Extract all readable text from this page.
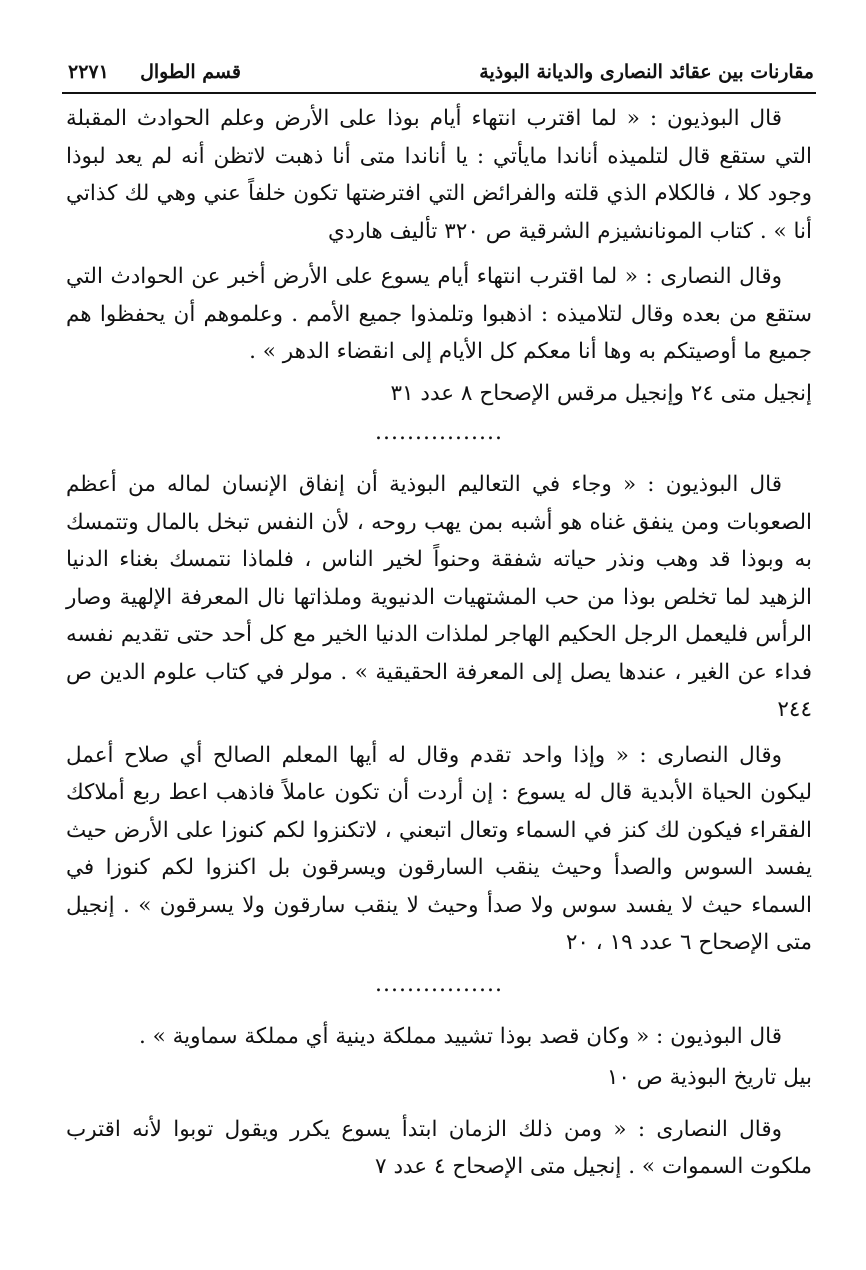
مقارنات بين عقائد النصارى والديانة البوذية
قسم الطوال  ٢٢٧١

قال البوذيون : « لما اقترب انتهاء أيام بوذا على الأرض وعلم الحوادث المقبلة التي ستقع قال لتلميذه أناندا مايأتي : يا أناندا متى أنا ذهبت لاتظن أنه لم يعد لبوذا وجود كلا ، فالكلام الذي قلته والفرائض التي افترضتها تكون خلفاً عني وهي لك كذاتي أنا » . كتاب المونانشيزم الشرقية ص ٣٢٠ تأليف هاردي

وقال النصارى : « لما اقترب انتهاء أيام يسوع على الأرض أخبر عن الحوادث التي ستقع من بعده وقال لتلاميذه : اذهبوا وتلمذوا جميع الأمم . وعلموهم أن يحفظوا هم جميع ما أوصيتكم به وها أنا معكم كل الأيام إلى انقضاء الدهر » .

إنجيل متى ٢٤ وإنجيل مرقس الإصحاح ٨ عدد ٣١

................

قال البوذيون : « وجاء في التعاليم البوذية أن إنفاق الإنسان لماله من أعظم الصعوبات ومن ينفق غناه هو أشبه بمن يهب روحه ، لأن النفس تبخل بالمال وتتمسك به وبوذا قد وهب ونذر حياته شفقة وحنواً لخير الناس ، فلماذا نتمسك بغناء الدنيا الزهيد لما تخلص بوذا من حب المشتهيات الدنيوية وملذاتها نال المعرفة الإلهية وصار الرأس فليعمل الرجل الحكيم الهاجر لملذات الدنيا الخير مع كل أحد حتى تقديم نفسه فداء عن الغير ، عندها يصل إلى المعرفة الحقيقية » . مولر في كتاب علوم الدين ص ٢٤٤

وقال النصارى : « وإذا واحد تقدم وقال له أيها المعلم الصالح أي صلاح أعمل ليكون الحياة الأبدية قال له يسوع : إن أردت أن تكون عاملاً فاذهب اعط ربع أملاكك الفقراء فيكون لك كنز في السماء وتعال اتبعني ، لاتكنزوا لكم كنوزا على الأرض حيث يفسد السوس والصدأ وحيث ينقب السارقون ويسرقون بل اكنزوا لكم كنوزا في السماء حيث لا يفسد سوس ولا صدأ وحيث لا ينقب سارقون ولا يسرقون » . إنجيل متى الإصحاح ٦ عدد ١٩ ، ٢٠

................

قال البوذيون : « وكان قصد بوذا تشييد مملكة دينية أي مملكة سماوية » .

بيل تاريخ البوذية ص ١٠

وقال النصارى : « ومن ذلك الزمان ابتدأ يسوع يكرر ويقول توبوا لأنه اقترب ملكوت السموات » . إنجيل متى الإصحاح ٤ عدد ٧
